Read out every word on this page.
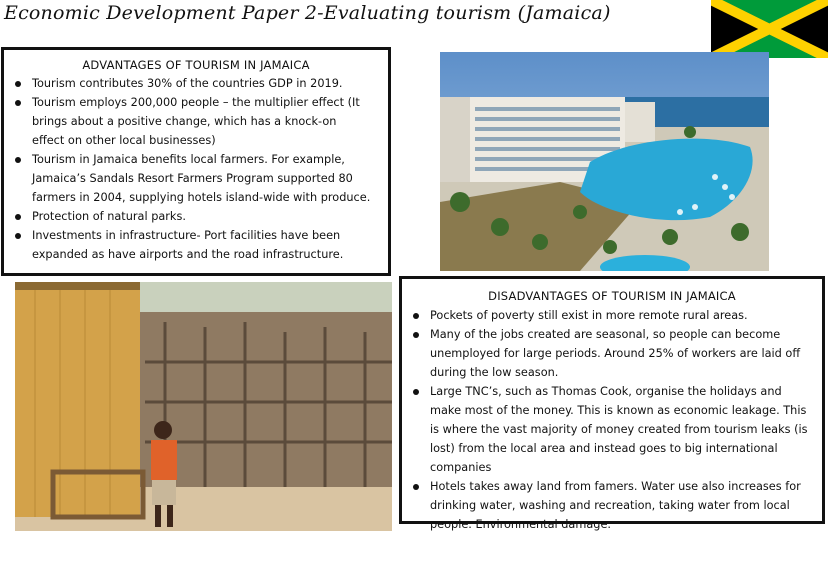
Economic Development Paper 2-Evaluating tourism (Jamaica)
ADVANTAGES OF TOURISM IN JAMAICA
Tourism contributes 30% of the countries GDP in 2019.
Tourism employs 200,000 people – the multiplier effect (It brings about a positive change, which has a knock-on effect on other local businesses)
Tourism in Jamaica benefits local farmers. For example, Jamaica’s Sandals Resort Farmers Program supported 80 farmers in 2004, supplying hotels island-wide with produce.
Protection of natural parks.
Investments in infrastructure- Port facilities have been expanded as have airports and the road infrastructure.
DISADVANTAGES OF TOURISM IN JAMAICA
Pockets of poverty still exist in more remote rural areas.
Many of the jobs created are seasonal, so people can become unemployed for large periods. Around 25% of workers are laid off during the low season.
Large TNC’s, such as Thomas Cook, organise the holidays and make most of the money. This is known as economic leakage. This is where the vast majority of money created from tourism leaks (is lost) from the local area and instead goes to big international companies
Hotels takes away land from famers. Water use also increases for drinking water, washing and recreation, taking water from local people. Environmental damage.
